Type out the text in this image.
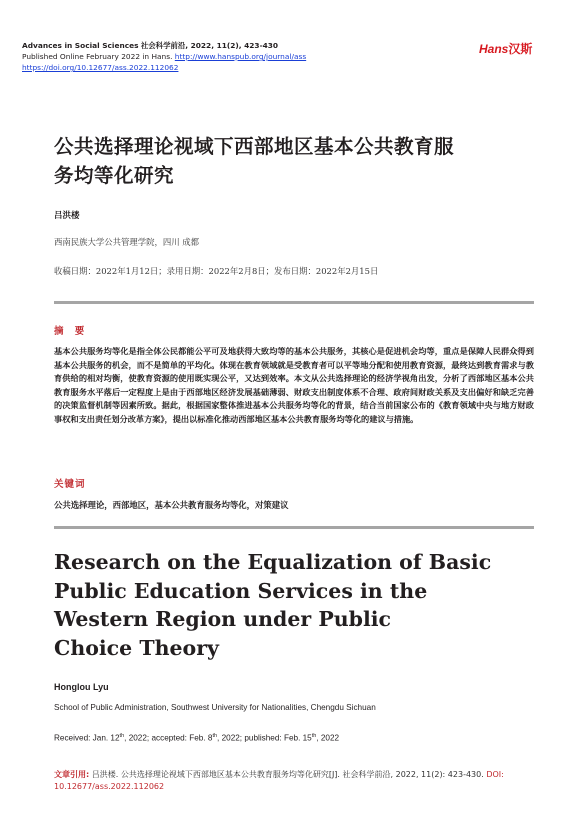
Advances in Social Sciences 社会科学前沿, 2022, 11(2), 423-430
Published Online February 2022 in Hans. http://www.hanspub.org/journal/ass
https://doi.org/10.12677/ass.2022.112062
Hans汉斯
公共选择理论视域下西部地区基本公共教育服
务均等化研究
吕洪楼
西南民族大学公共管理学院，四川 成都
收稿日期：2022年1月12日；录用日期：2022年2月8日；发布日期：2022年2月15日
摘 要
基本公共服务均等化是指全体公民都能公平可及地获得大致均等的基本公共服务，其核心是促进机会均等，重点是保障人民群众得到基本公共服务的机会，而不是简单的平均化。体现在教育领域就是受教育者可以平等地分配和使用教育资源，最终达到教育需求与教育供给的相对均衡，使教育资源的使用既实现公平，又达到效率。本文从公共选择理论的经济学视角出发，分析了西部地区基本公共教育服务水平落后一定程度上是由于西部地区经济发展基础薄弱、财政支出制度体系不合理、政府间财政关系及支出偏好和缺乏完善的决策监督机制等因素所致。据此，根据国家整体推进基本公共服务均等化的背景，结合当前国家公布的《教育领域中央与地方财政事权和支出责任划分改革方案》，提出以标准化推动西部地区基本公共教育服务均等化的建议与措施。
关键词
公共选择理论，西部地区，基本公共教育服务均等化，对策建议
Research on the Equalization of Basic
Public Education Services in the
Western Region under Public
Choice Theory
Honglou Lyu
School of Public Administration, Southwest University for Nationalities, Chengdu Sichuan
Received: Jan. 12th, 2022; accepted: Feb. 8th, 2022; published: Feb. 15th, 2022
文章引用: 吕洪楼. 公共选择理论视域下西部地区基本公共教育服务均等化研究[J]. 社会科学前沿, 2022, 11(2): 423-430. DOI: 10.12677/ass.2022.112062
